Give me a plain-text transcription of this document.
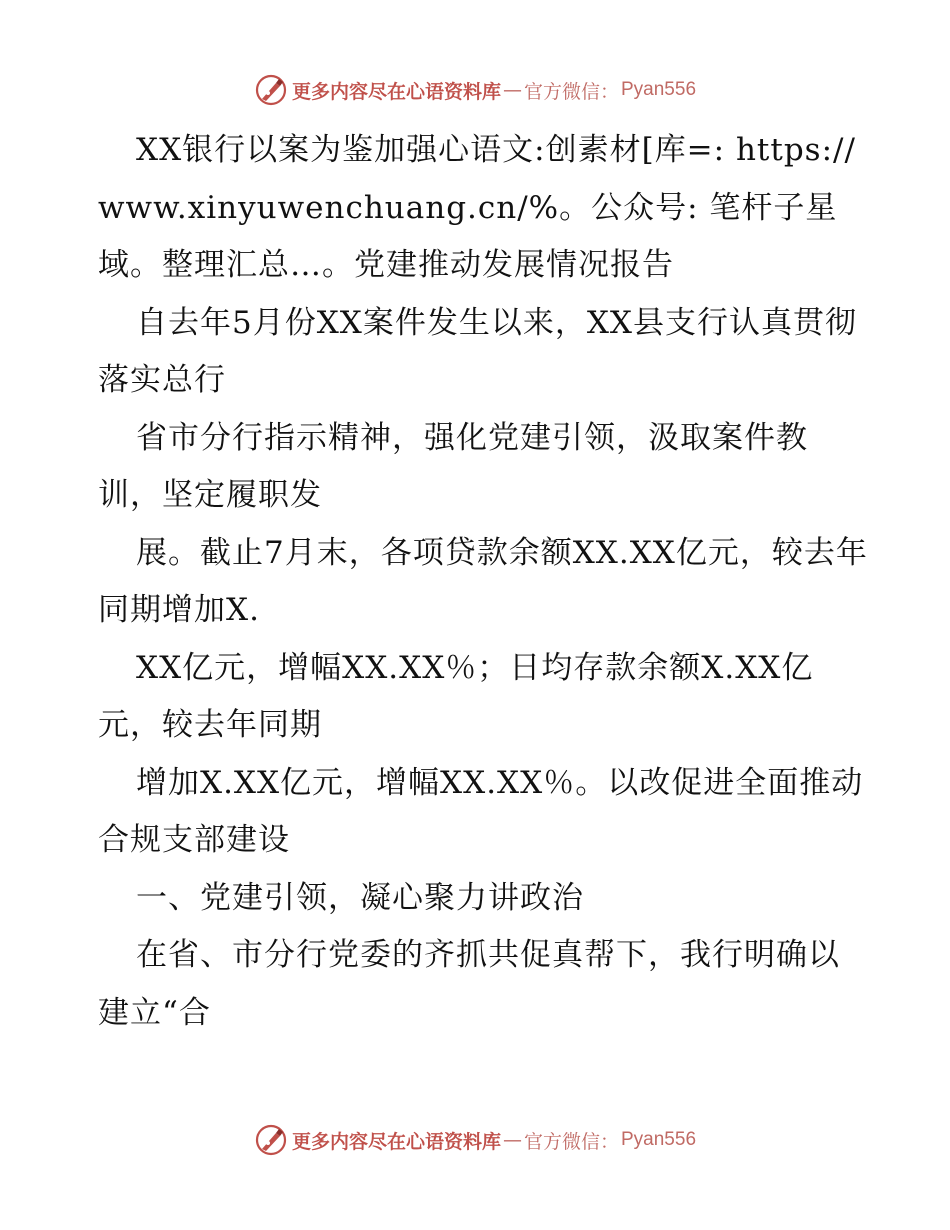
更多内容尽在心语资料库 — 官方微信： Pyan556

XX银行以案为鉴加强心语文:创素材[库=: https://www.xinyuwenchuang.cn/%。公众号: 笔杆子星域。整理汇总…。党建推动发展情况报告

自去年5月份XX案件发生以来，XX县支行认真贯彻落实总行

省市分行指示精神，强化党建引领，汲取案件教训，坚定履职发

展。截止7月末，各项贷款余额XX.XX亿元，较去年同期增加X.

XX亿元，增幅XX.XX％；日均存款余额X.XX亿元，较去年同期

增加X.XX亿元，增幅XX.XX％。以改促进全面推动合规支部建设

一、党建引领，凝心聚力讲政治

在省、市分行党委的齐抓共促真帮下，我行明确以建立“合

更多内容尽在心语资料库 — 官方微信： Pyan556
